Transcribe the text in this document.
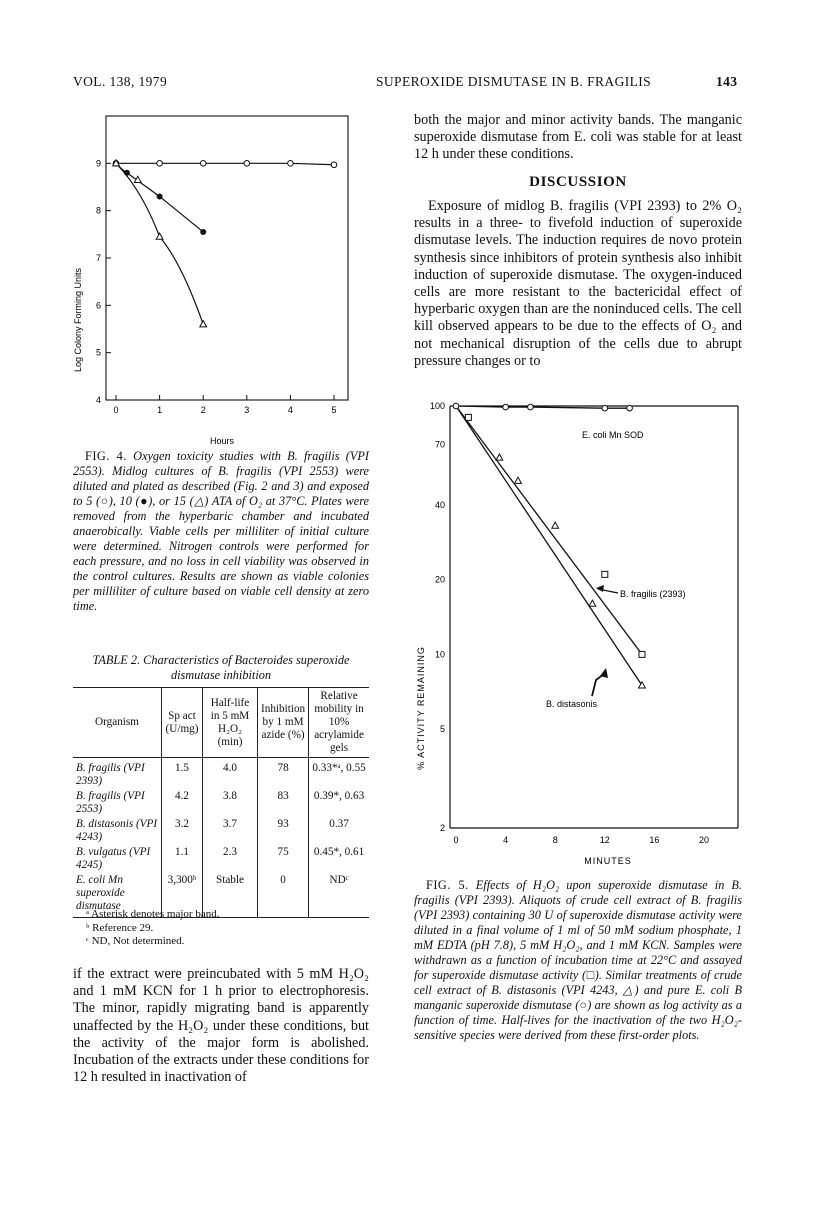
VOL. 138, 1979	SUPEROXIDE DISMUTASE IN B. FRAGILIS	143
4
5
6
7
8
9
0	1	2	3	4	5
Log Colony Forming Units
Hours
FIG. 4. Oxygen toxicity studies with B. fragilis (VPI 2553). Midlog cultures of B. fragilis (VPI 2553) were diluted and plated as described (Fig. 2 and 3) and exposed to 5 (○), 10 (●), or 15 (△) ATA of O₂ at 37°C. Plates were removed from the hyperbaric chamber and incubated anaerobically. Viable cells per milliliter of initial culture were determined. Nitrogen controls were performed for each pressure, and no loss in cell viability was observed in the control cultures. Results are shown as viable colonies per milliliter of culture based on viable cell density at zero time.
TABLE 2. Characteristics of Bacteroides superoxide dismutase inhibition
Organism	Sp act (U/mg)	Half-life in 5 mM H₂O₂ (min)	Inhibition by 1 mM azide (%)	Relative mobility in 10% acrylamide gels
B. fragilis (VPI 2393)	1.5	4.0	78	0.33*ᵃ, 0.55
B. fragilis (VPI 2553)	4.2	3.8	83	0.39*, 0.63
B. distasonis (VPI 4243)	3.2	3.7	93	0.37
B. vulgatus (VPI 4245)	1.1	2.3	75	0.45*, 0.61
E. coli Mn superoxide dismutase	3,300ᵇ	Stable	0	NDᶜ
ᵃ Asterisk denotes major band.
ᵇ Reference 29.
ᶜ ND, Not determined.
if the extract were preincubated with 5 mM H₂O₂ and 1 mM KCN for 1 h prior to electrophoresis. The minor, rapidly migrating band is apparently unaffected by the H₂O₂ under these conditions, but the activity of the major form is abolished. Incubation of the extracts under these conditions for 12 h resulted in inactivation of
both the major and minor activity bands. The manganic superoxide dismutase from E. coli was stable for at least 12 h under these conditions.
DISCUSSION
Exposure of midlog B. fragilis (VPI 2393) to 2% O₂ results in a three- to fivefold induction of superoxide dismutase levels. The induction requires de novo protein synthesis since inhibitors of protein synthesis also inhibit induction of superoxide dismutase. The oxygen-induced cells are more resistant to the bactericidal effect of hyperbaric oxygen than are the noninduced cells. The cell kill observed appears to be due to the effects of O₂ and not mechanical disruption of the cells due to abrupt pressure changes or to
2
5
10
20
40
70
100
0	4	8	12	16	20
% ACTIVITY REMAINING
MINUTES
E. coli Mn SOD
B. fragilis (2393)
B. distasonis
FIG. 5. Effects of H₂O₂ upon superoxide dismutase in B. fragilis (VPI 2393). Aliquots of crude cell extract of B. fragilis (VPI 2393) containing 30 U of superoxide dismutase activity were diluted in a final volume of 1 ml of 50 mM sodium phosphate, 1 mM EDTA (pH 7.8), 5 mM H₂O₂, and 1 mM KCN. Samples were withdrawn as a function of incubation time at 22°C and assayed for superoxide dismutase activity (□). Similar treatments of crude cell extract of B. distasonis (VPI 4243, △) and pure E. coli B manganic superoxide dismutase (○) are shown as log activity as a function of time. Half-lives for the inactivation of the two H₂O₂-sensitive species were derived from these first-order plots.
